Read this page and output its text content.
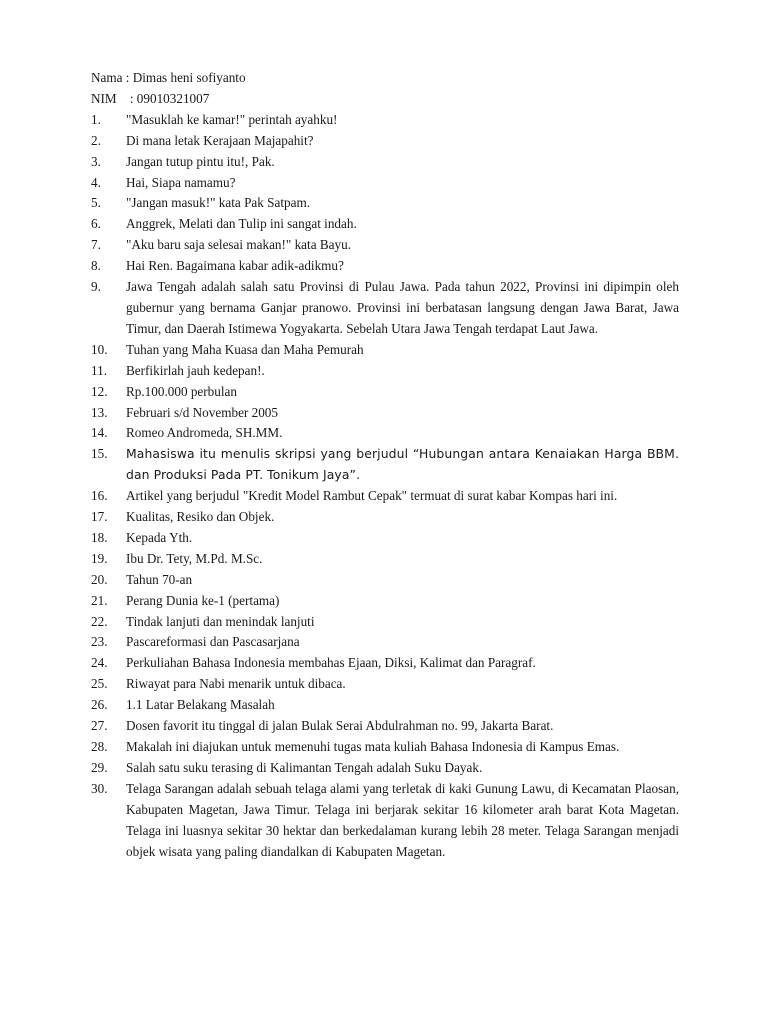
Nama : Dimas heni sofiyanto
NIM    : 09010321007
1.	"Masuklah ke kamar!" perintah ayahku!
2.	Di mana letak Kerajaan Majapahit?
3.	Jangan tutup pintu itu!, Pak.
4.	Hai, Siapa namamu?
5.	"Jangan masuk!" kata Pak Satpam.
6.	Anggrek, Melati dan Tulip ini sangat indah.
7.	"Aku baru saja selesai makan!" kata Bayu.
8.	Hai Ren. Bagaimana kabar adik-adikmu?
9.	Jawa Tengah adalah salah satu Provinsi di Pulau Jawa. Pada tahun 2022, Provinsi ini dipimpin oleh gubernur yang bernama Ganjar pranowo. Provinsi ini berbatasan langsung dengan Jawa Barat, Jawa Timur, dan Daerah Istimewa Yogyakarta. Sebelah Utara Jawa Tengah terdapat Laut Jawa.
10.	Tuhan yang Maha Kuasa dan Maha Pemurah
11.	Berfikirlah jauh kedepan!.
12.	Rp.100.000 perbulan
13.	Februari s/d November 2005
14.	Romeo Andromeda, SH.MM.
15.	Mahasiswa itu menulis skripsi yang berjudul “Hubungan antara Kenaiakan Harga BBM. dan Produksi Pada PT. Tonikum Jaya”.
16.	Artikel yang berjudul "Kredit Model Rambut Cepak" termuat di surat kabar Kompas hari ini.
17.	Kualitas, Resiko dan Objek.
18.	Kepada Yth.
19.	Ibu Dr. Tety, M.Pd. M.Sc.
20.	Tahun 70-an
21.	Perang Dunia ke-1 (pertama)
22.	Tindak lanjuti dan menindak lanjuti
23.	Pascareformasi dan Pascasarjana
24.	Perkuliahan Bahasa Indonesia membahas Ejaan, Diksi, Kalimat dan Paragraf.
25.	Riwayat para Nabi menarik untuk dibaca.
26.	1.1 Latar Belakang Masalah
27.	Dosen favorit itu tinggal di jalan Bulak Serai Abdulrahman no. 99, Jakarta Barat.
28.	Makalah ini diajukan untuk memenuhi tugas mata kuliah Bahasa Indonesia di Kampus Emas.
29.	Salah satu suku terasing di Kalimantan Tengah adalah Suku Dayak.
30.	Telaga Sarangan adalah sebuah telaga alami yang terletak di kaki Gunung Lawu, di Kecamatan Plaosan, Kabupaten Magetan, Jawa Timur. Telaga ini berjarak sekitar 16 kilometer arah barat Kota Magetan. Telaga ini luasnya sekitar 30 hektar dan berkedalaman kurang lebih 28 meter. Telaga Sarangan menjadi objek wisata yang paling diandalkan di Kabupaten Magetan.
